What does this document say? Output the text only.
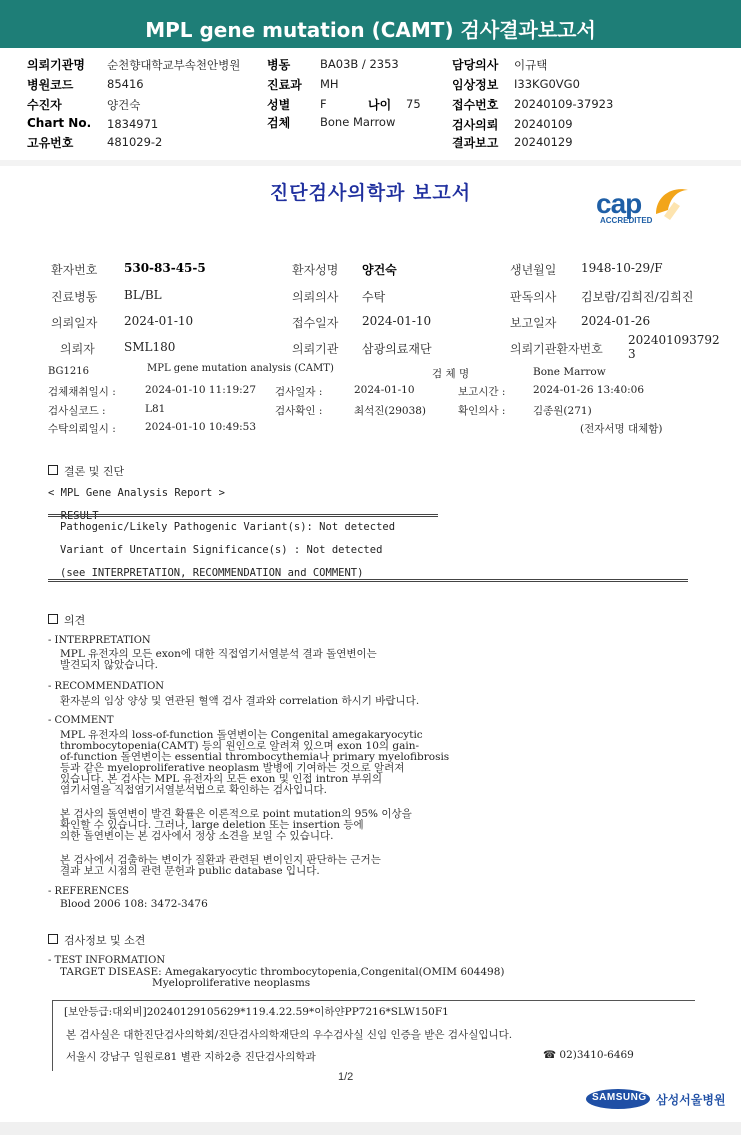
MPL gene mutation (CAMT) 검사결과보고서
의뢰기관명 순천향대학교부속천안병원 병동	BA03B / 2353	담당의사 이규택
병원코드	85416	진료과 MH	임상정보 I33KG0VG0
수진자	양건숙	성별	F	나이 75	접수번호 20240109-37923
Chart No. 1834971	검체	Bone Marrow	검사의뢰 20240109
고유번호	481029-2	결과보고 20240129
진단검사의학과 보고서	cap
ACCREDITED
환자번호 530-83-45-5	환자성명 양건숙	생년월일 1948-10-29/F
진료병동 BL/BL	의뢰의사 수탁	판독의사 김보람/김희진/김희진
의뢰일자 2024-01-10	접수일자 2024-01-10	보고일자 2024-01-26
의뢰자 SML180	의뢰기관 삼광의료재단	의뢰기관환자번호
202401093792
3
BG1216	MPL gene mutation analysis (CAMT)	검 체 명	Bone Marrow
검체채취일시 :	2024-01-10 11:19:27 검사일자 :	2024-01-10	보고시간 :	2024-01-26 13:40:06
검사실코드 :	L81	검사확인 :	최석진(29038)	확인의사 :	김종원(271)
수탁의뢰일시 :	2024-01-10 10:49:53	(전자서명 대체함)
결론 및 진단
< MPL Gene Analysis Report >
= RESULT =
Pathogenic/Likely Pathogenic Variant(s): Not detected
Variant of Uncertain Significance(s) : Not detected
(see INTERPRETATION, RECOMMENDATION and COMMENT)
의견
- INTERPRETATION
MPL 유전자의 모든 exon에 대한 직접염기서열분석 결과 돌연변이는
발견되지 않았습니다.
- RECOMMENDATION
환자분의 임상 양상 및 연관된 혈액 검사 결과와 correlation 하시기 바랍니다.
- COMMENT
MPL 유전자의 loss-of-function 돌연변이는 Congenital amegakaryocytic
thrombocytopenia(CAMT) 등의 원인으로 알려져 있으며 exon 10의 gain-
of-function 돌연변이는 essential thrombocythemia나 primary myelofibrosis
등과 같은 myeloproliferative neoplasm 발병에 기여하는 것으로 알려져
있습니다. 본 검사는 MPL 유전자의 모든 exon 및 인접 intron 부위의
염기서열을 직접염기서열분석법으로 확인하는 검사입니다.
본 검사의 돌연변이 발견 확률은 이론적으로 point mutation의 95% 이상을
확인할 수 있습니다. 그러나, large deletion 또는 insertion 등에
의한 돌연변이는 본 검사에서 정상 소견을 보일 수 있습니다.
본 검사에서 검출하는 변이가 질환과 관련된 변이인지 판단하는 근거는
결과 보고 시점의 관련 문헌과 public database 입니다.
- REFERENCES
Blood 2006 108: 3472-3476
검사정보 및 소견
- TEST INFORMATION
TARGET DISEASE: Amegakaryocytic thrombocytopenia,Congenital(OMIM 604498)
Myeloproliferative neoplasms
[보안등급:대외비]20240129105629*119.4.22.59*이하얀PP7216*SLW150F1
본 검사실은 대한진단검사의학회/진단검사의학재단의 우수검사실 신임 인증을 받은 검사실입니다.
서울시 강남구 일원로81 별관 지하2층 진단검사의학과	☎ 02)3410-6469
1/2
SAMSUNG 삼성서울병원
